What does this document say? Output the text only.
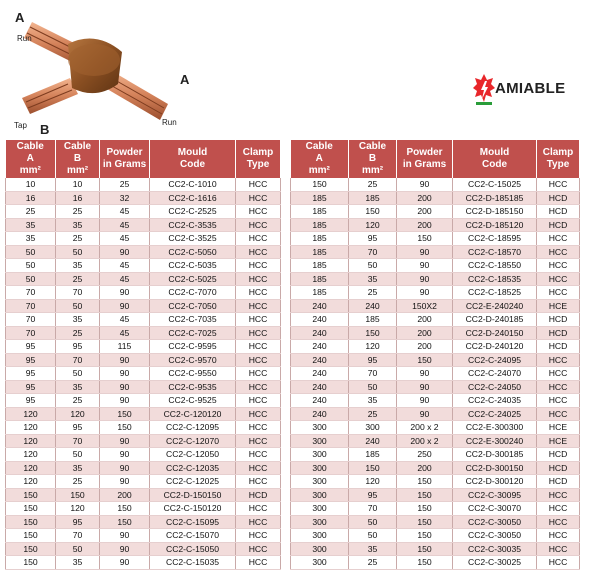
A
Run
A
Run
Tap B
AMIABLE
Cable
A
mm²	Cable
B
mm²	Powder
in Grams	Mould
Code	Clamp
Type
10	10	25	CC2-C-1010	HCC
16	16	32	CC2-C-1616	HCC
25	25	45	CC2-C-2525	HCC
35	35	45	CC2-C-3535	HCC
35	25	45	CC2-C-3525	HCC
50	50	90	CC2-C-5050	HCC
50	35	45	CC2-C-5035	HCC
50	25	45	CC2-C-5025	HCC
70	70	90	CC2-C-7070	HCC
70	50	90	CC2-C-7050	HCC
70	35	45	CC2-C-7035	HCC
70	25	45	CC2-C-7025	HCC
95	95	115	CC2-C-9595	HCC
95	70	90	CC2-C-9570	HCC
95	50	90	CC2-C-9550	HCC
95	35	90	CC2-C-9535	HCC
95	25	90	CC2-C-9525	HCC
120	120	150	CC2-C-120120	HCC
120	95	150	CC2-C-12095	HCC
120	70	90	CC2-C-12070	HCC
120	50	90	CC2-C-12050	HCC
120	35	90	CC2-C-12035	HCC
120	25	90	CC2-C-12025	HCC
150	150	200	CC2-D-150150	HCD
150	120	150	CC2-C-150120	HCC
150	95	150	CC2-C-15095	HCC
150	70	90	CC2-C-15070	HCC
150	50	90	CC2-C-15050	HCC
150	35	90	CC2-C-15035	HCC
Cable
A
mm²	Cable
B
mm²	Powder
in Grams	Mould
Code	Clamp
Type
150	25	90	CC2-C-15025	HCC
185	185	200	CC2-D-185185	HCD
185	150	200	CC2-D-185150	HCD
185	120	200	CC2-D-185120	HCD
185	95	150	CC2-C-18595	HCC
185	70	90	CC2-C-18570	HCC
185	50	90	CC2-C-18550	HCC
185	35	90	CC2-C-18535	HCC
185	25	90	CC2-C-18525	HCC
240	240	150X2	CC2-E-240240	HCE
240	185	200	CC2-D-240185	HCD
240	150	200	CC2-D-240150	HCD
240	120	200	CC2-D-240120	HCD
240	95	150	CC2-C-24095	HCC
240	70	90	CC2-C-24070	HCC
240	50	90	CC2-C-24050	HCC
240	35	90	CC2-C-24035	HCC
240	25	90	CC2-C-24025	HCC
300	300	200 x 2	CC2-E-300300	HCE
300	240	200 x 2	CC2-E-300240	HCE
300	185	250	CC2-D-300185	HCD
300	150	200	CC2-D-300150	HCD
300	120	150	CC2-D-300120	HCD
300	95	150	CC2-C-30095	HCC
300	70	150	CC2-C-30070	HCC
300	50	150	CC2-C-30050	HCC
300	50	150	CC2-C-30050	HCC
300	35	150	CC2-C-30035	HCC
300	25	150	CC2-C-30025	HCC
